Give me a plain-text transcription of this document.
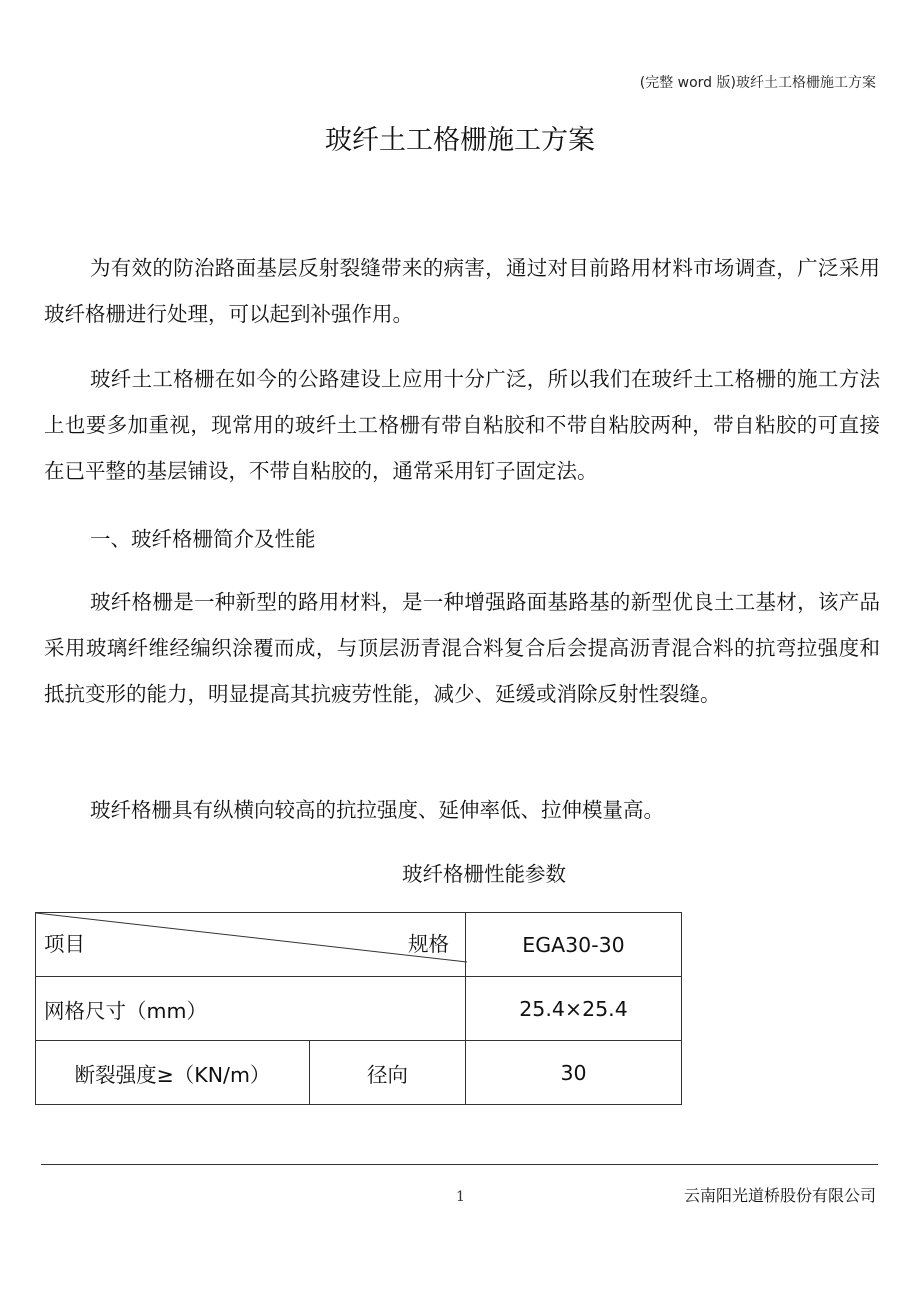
(完整 word 版)玻纤土工格栅施工方案
玻纤土工格栅施工方案

为有效的防治路面基层反射裂缝带来的病害，通过对目前路用材料市场调查，广泛采用玻纤格栅进行处理，可以起到补强作用。

玻纤土工格栅在如今的公路建设上应用十分广泛，所以我们在玻纤土工格栅的施工方法上也要多加重视，现常用的玻纤土工格栅有带自粘胶和不带自粘胶两种，带自粘胶的可直接在已平整的基层铺设，不带自粘胶的，通常采用钉子固定法。

一、玻纤格栅简介及性能

玻纤格栅是一种新型的路用材料，是一种增强路面基路基的新型优良土工基材，该产品采用玻璃纤维经编织涂覆而成，与顶层沥青混合料复合后会提高沥青混合料的抗弯拉强度和抵抗变形的能力，明显提高其抗疲劳性能，减少、延缓或消除反射性裂缝。

玻纤格栅具有纵横向较高的抗拉强度、延伸率低、拉伸模量高。

玻纤格栅性能参数
项目 规格		EGA30-30
网格尺寸（mm）		25.4×25.4
断裂强度≥（KN/m）	径向	30
1	云南阳光道桥股份有限公司
